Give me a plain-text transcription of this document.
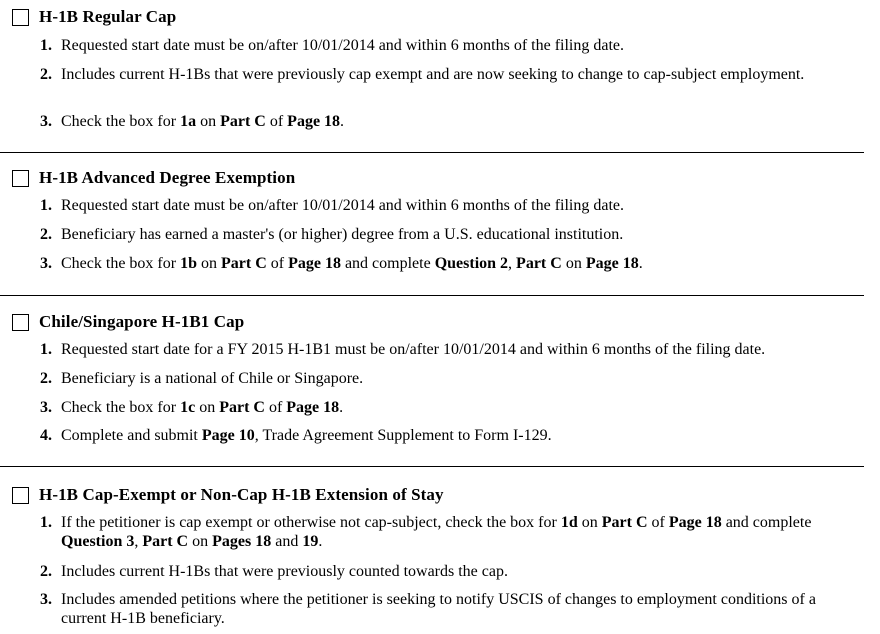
H-1B Regular Cap
1. Requested start date must be on/after 10/01/2014 and within 6 months of the filing date.
2. Includes current H-1Bs that were previously cap exempt and are now seeking to change to cap-subject employment.
3. Check the box for 1a on Part C of Page 18.
H-1B Advanced Degree Exemption
1. Requested start date must be on/after 10/01/2014 and within 6 months of the filing date.
2. Beneficiary has earned a master's (or higher) degree from a U.S. educational institution.
3. Check the box for 1b on Part C of Page 18 and complete Question 2, Part C on Page 18.
Chile/Singapore H-1B1 Cap
1. Requested start date for a FY 2015 H-1B1 must be on/after 10/01/2014 and within 6 months of the filing date.
2. Beneficiary is a national of Chile or Singapore.
3. Check the box for 1c on Part C of Page 18.
4. Complete and submit Page 10, Trade Agreement Supplement to Form I-129.
H-1B Cap-Exempt or Non-Cap H-1B Extension of Stay
1. If the petitioner is cap exempt or otherwise not cap-subject, check the box for 1d on Part C of Page 18 and complete Question 3, Part C on Pages 18 and 19.
2. Includes current H-1Bs that were previously counted towards the cap.
3. Includes amended petitions where the petitioner is seeking to notify USCIS of changes to employment conditions of a current H-1B beneficiary.
